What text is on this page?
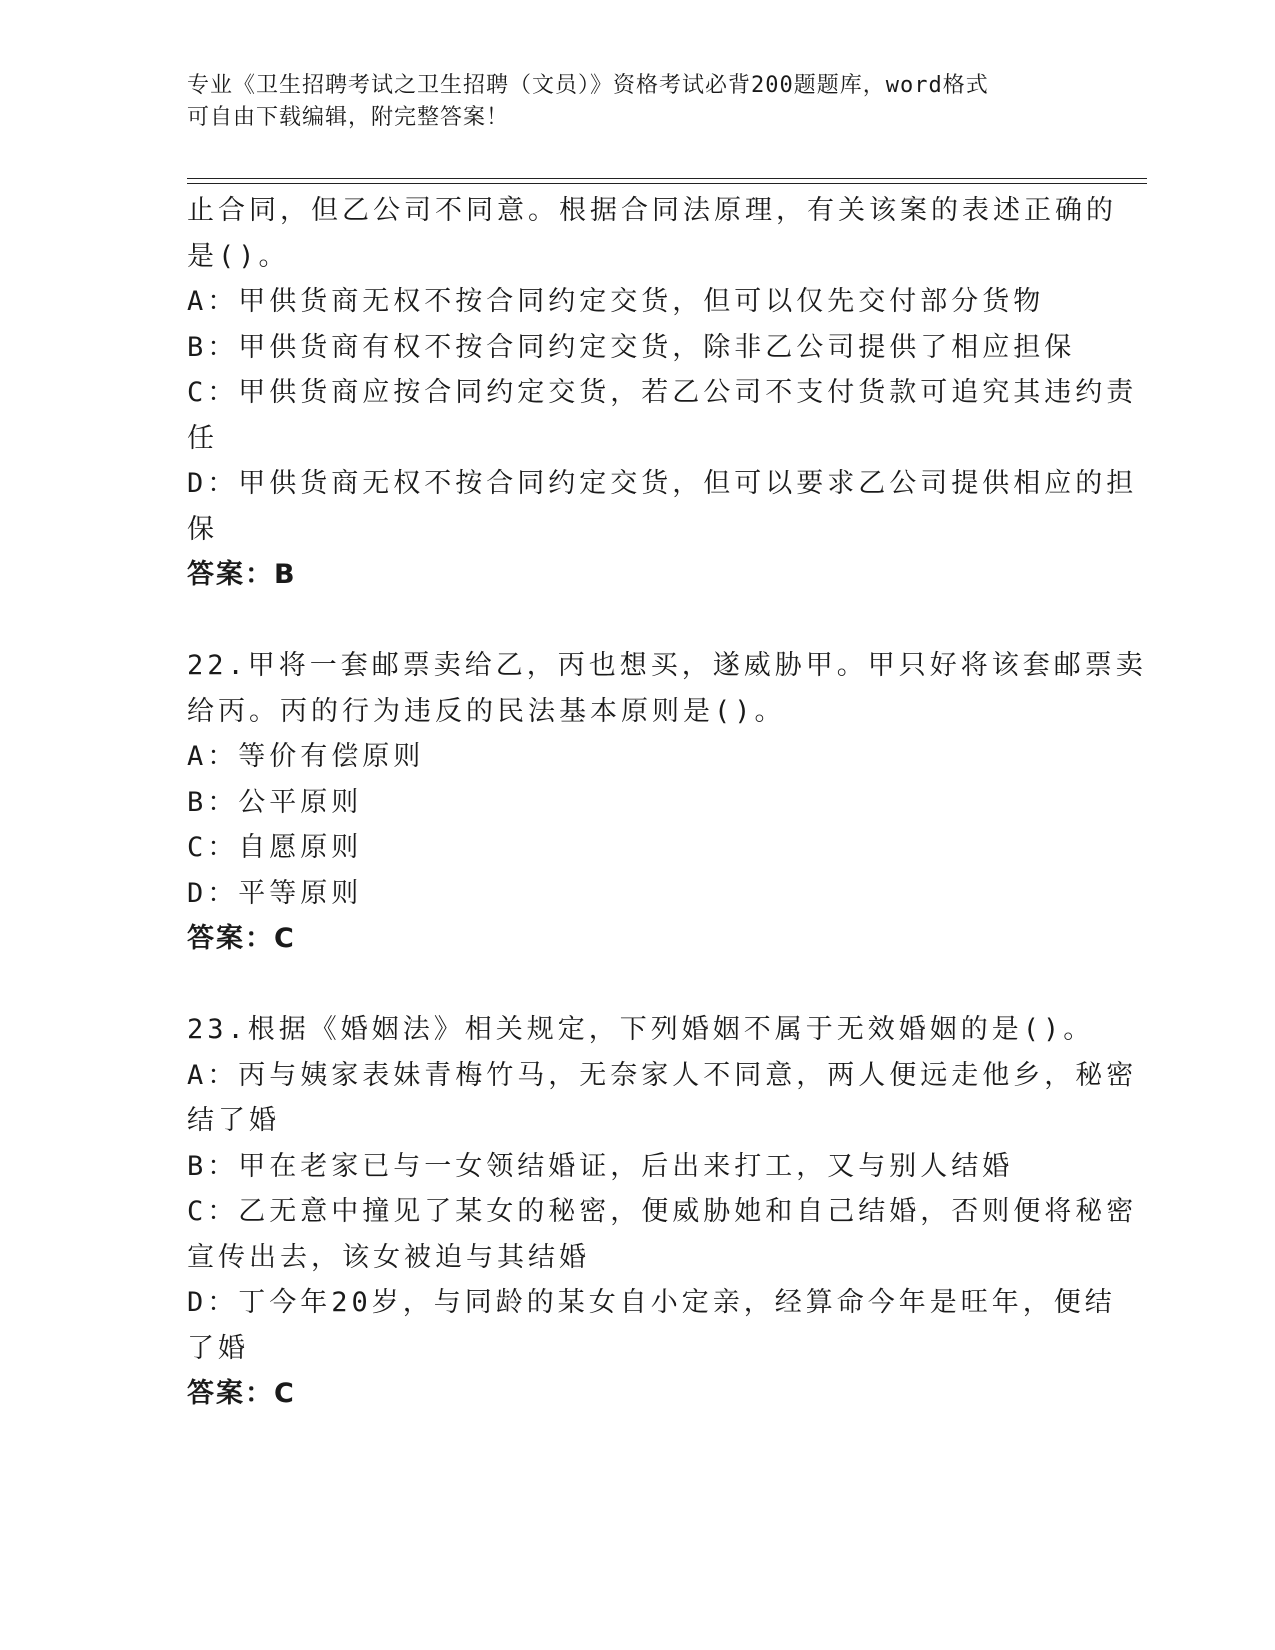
专业《卫生招聘考试之卫生招聘（文员）》资格考试必背200题题库，word格式
可自由下载编辑，附完整答案！
止合同，但乙公司不同意。根据合同法原理，有关该案的表述正确的
是()。
A：甲供货商无权不按合同约定交货，但可以仅先交付部分货物
B：甲供货商有权不按合同约定交货，除非乙公司提供了相应担保
C：甲供货商应按合同约定交货，若乙公司不支付货款可追究其违约责
任
D：甲供货商无权不按合同约定交货，但可以要求乙公司提供相应的担
保
答案：B
22.甲将一套邮票卖给乙，丙也想买，遂威胁甲。甲只好将该套邮票卖
给丙。丙的行为违反的民法基本原则是()。
A：等价有偿原则
B：公平原则
C：自愿原则
D：平等原则
答案：C
23.根据《婚姻法》相关规定，下列婚姻不属于无效婚姻的是()。
A：丙与姨家表妹青梅竹马，无奈家人不同意，两人便远走他乡，秘密
结了婚
B：甲在老家已与一女领结婚证，后出来打工，又与别人结婚
C：乙无意中撞见了某女的秘密，便威胁她和自己结婚，否则便将秘密
宣传出去，该女被迫与其结婚
D：丁今年20岁，与同龄的某女自小定亲，经算命今年是旺年，便结
了婚
答案：C
